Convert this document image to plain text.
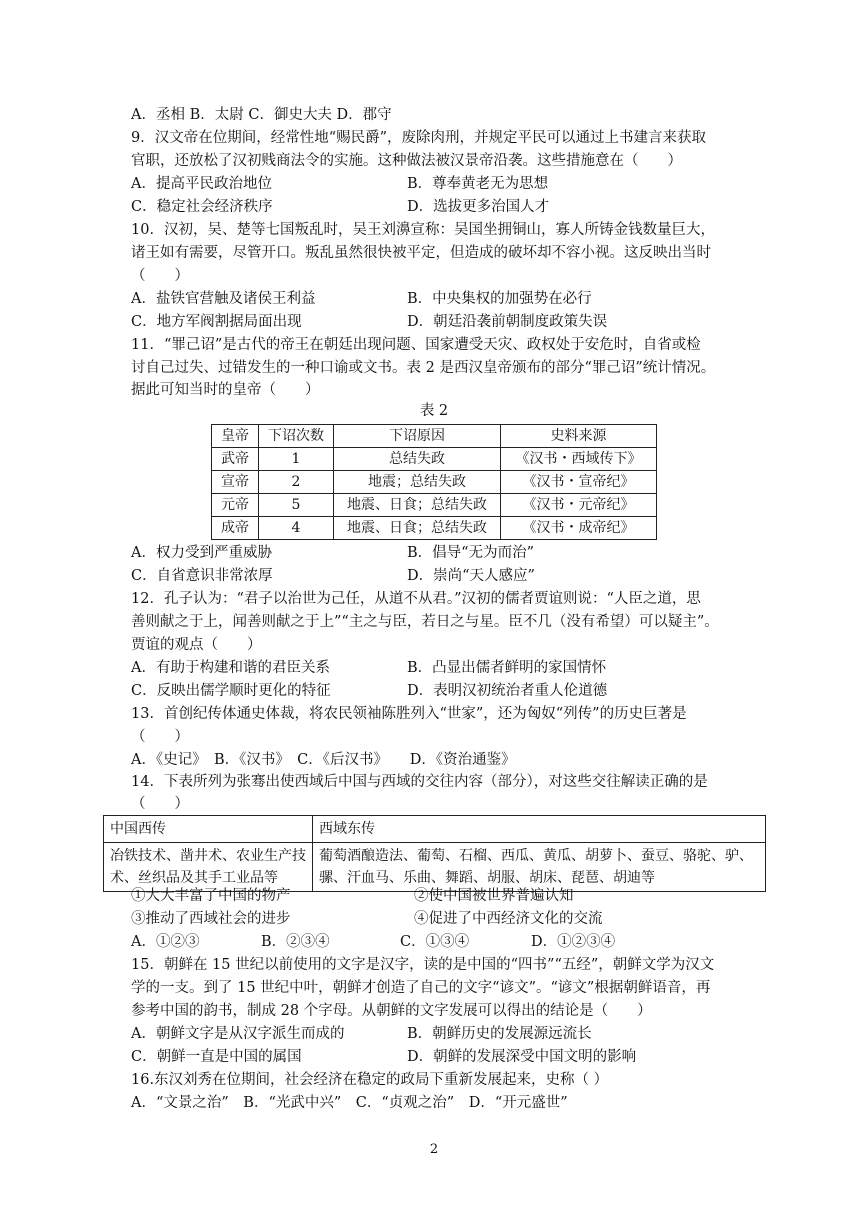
A．丞相 B．太尉 C．御史大夫 D．郡守
9．汉文帝在位期间，经常性地“赐民爵”，废除肉刑，并规定平民可以通过上书建言来获取
官职，还放松了汉初贱商法令的实施。这种做法被汉景帝沿袭。这些措施意在（　　）
A．提高平民政治地位	B．尊奉黄老无为思想
C．稳定社会经济秩序	D．选拔更多治国人才
10．汉初，吴、楚等七国叛乱时，吴王刘濞宣称：吴国坐拥铜山，寡人所铸金钱数量巨大，
诸王如有需要，尽管开口。叛乱虽然很快被平定，但造成的破坏却不容小视。这反映出当时
（　　）
A．盐铁官营触及诸侯王利益	B．中央集权的加强势在必行
C．地方军阀割据局面出现	D．朝廷沿袭前朝制度政策失误
11．“罪己诏”是古代的帝王在朝廷出现问题、国家遭受天灾、政权处于安危时，自省或检
讨自己过失、过错发生的一种口谕或文书。表 2 是西汉皇帝颁布的部分“罪己诏”统计情况。
据此可知当时的皇帝（　　）
表 2
皇帝	下诏次数	下诏原因	史料来源
武帝	1	总结失政	《汉书・西域传下》
宣帝	2	地震；总结失政	《汉书・宣帝纪》
元帝	5	地震、日食；总结失政	《汉书・元帝纪》
成帝	4	地震、日食；总结失政	《汉书・成帝纪》
A．权力受到严重威胁	B．倡导“无为而治”
C．自省意识非常浓厚	D．崇尚“天人感应”
12．孔子认为：“君子以治世为己任，从道不从君。”汉初的儒者贾谊则说：“人臣之道，思
善则献之于上，闻善则献之于上”“主之与臣，若日之与星。臣不几（没有希望）可以疑主”。
贾谊的观点（　　）
A．有助于构建和谐的君臣关系	B．凸显出儒者鲜明的家国情怀
C．反映出儒学顺时更化的特征	D．表明汉初统治者重人伦道德
13．首创纪传体通史体裁，将农民领袖陈胜列入“世家”，还为匈奴“列传”的历史巨著是
（　　）
A．《史记》　B．《汉书》　C．《后汉书》　　D．《资治通鉴》
14．下表所列为张骞出使西域后中国与西域的交往内容（部分），对这些交往解读正确的是
（　　）
中国西传	西域东传
冶铁技术、凿井术、农业生产技术、丝织品及其手工业品等	葡萄酒酿造法、葡萄、石榴、西瓜、黄瓜、胡萝卜、蚕豆、骆驼、驴、骡、汗血马、乐曲、舞蹈、胡服、胡床、琵琶、胡迪等
①大大丰富了中国的物产	②使中国被世界普遍认知
③推动了西域社会的进步	④促进了中西经济文化的交流
A．①②③	B．②③④	C．①③④	D．①②③④
15．朝鲜在 15 世纪以前使用的文字是汉字，读的是中国的“四书”“五经”，朝鲜文学为汉文
学的一支。到了 15 世纪中叶，朝鲜才创造了自己的文字“谚文”。“谚文”根据朝鲜语音，再
参考中国的韵书，制成 28 个字母。从朝鲜的文字发展可以得出的结论是（　　）
A．朝鲜文字是从汉字派生而成的	B．朝鲜历史的发展源远流长
C．朝鲜一直是中国的属国	D．朝鲜的发展深受中国文明的影响
16.东汉刘秀在位期间，社会经济在稳定的政局下重新发展起来，史称（ ）
A．“文景之治”　B．“光武中兴”　C．“贞观之治”　D．“开元盛世”
2
